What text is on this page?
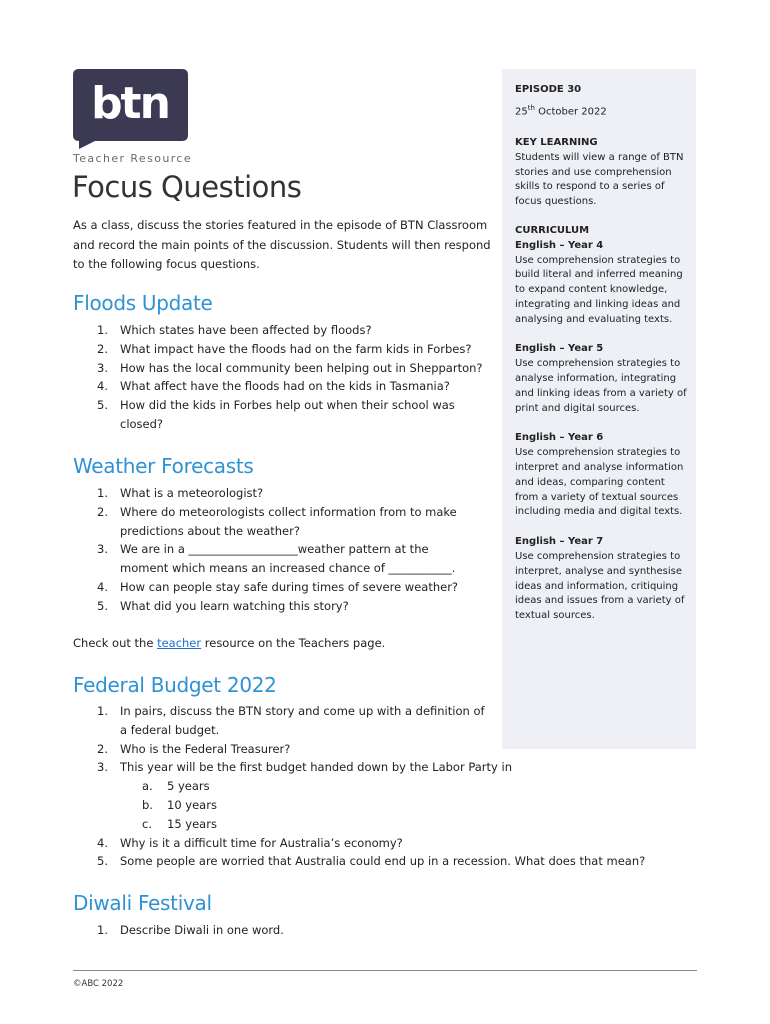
btn
Teacher Resource
Focus Questions

As a class, discuss the stories featured in the episode of BTN Classroom and record the main points of the discussion. Students will then respond to the following focus questions.

Floods Update
1. Which states have been affected by floods?
2. What impact have the floods had on the farm kids in Forbes?
3. How has the local community been helping out in Shepparton?
4. What affect have the floods had on the kids in Tasmania?
5. How did the kids in Forbes help out when their school was closed?
Weather Forecasts
1. What is a meteorologist?
2. Where do meteorologists collect information from to make predictions about the weather?
3. We are in a ___________________weather pattern at the moment which means an increased chance of ___________.
4. How can people stay safe during times of severe weather?
5. What did you learn watching this story?

Check out the teacher resource on the Teachers page.

Federal Budget 2022
1. In pairs, discuss the BTN story and come up with a definition of a federal budget.
2. Who is the Federal Treasurer?
3. This year will be the first budget handed down by the Labor Party in
a. 5 years
b. 10 years
c. 15 years
4. Why is it a difficult time for Australia’s economy?
5. Some people are worried that Australia could end up in a recession. What does that mean?
Diwali Festival
1. Describe Diwali in one word.
EPISODE 30
25th October 2022
KEY LEARNING
Students will view a range of BTN stories and use comprehension skills to respond to a series of focus questions.
CURRICULUM
English – Year 4
Use comprehension strategies to build literal and inferred meaning to expand content knowledge, integrating and linking ideas and analysing and evaluating texts.
English – Year 5
Use comprehension strategies to analyse information, integrating and linking ideas from a variety of print and digital sources.
English – Year 6
Use comprehension strategies to interpret and analyse information and ideas, comparing content from a variety of textual sources including media and digital texts.
English – Year 7
Use comprehension strategies to interpret, analyse and synthesise ideas and information, critiquing ideas and issues from a variety of textual sources.
©ABC 2022
